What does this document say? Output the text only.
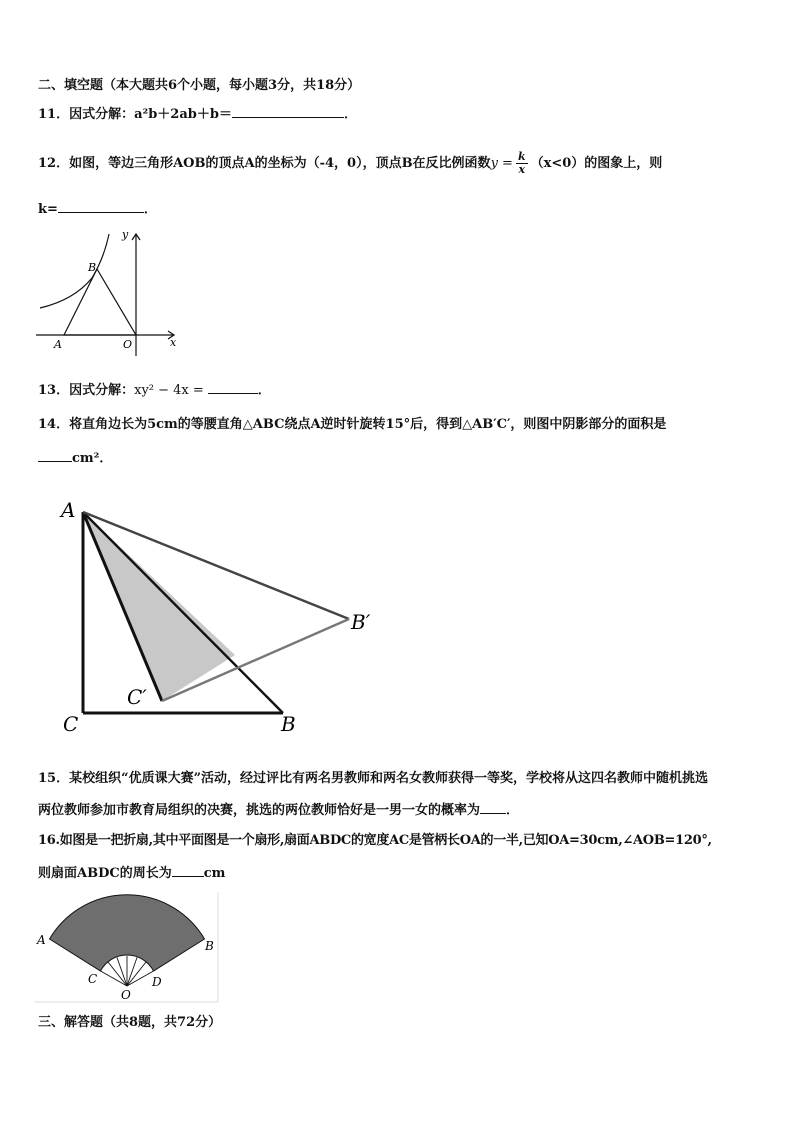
二、填空题（本大题共6个小题，每小题3分，共18分）
11．因式分解：a²b＋2ab＋b＝	．
12．如图，等边三角形AOB的顶点A的坐标为（-4，0），顶点B在反比例函数$y = \frac{k}{x} (x<0)$的图象上，则
k=	．
y
x
B
A	O
13．因式分解：xy² − 4x =	．
14．将直角边长为5cm的等腰直角△ABC绕点A逆时针旋转15°后，得到△AB′C′，则图中阴影部分的面积是
cm²．
A
B′
C′
C	B
15．某校组织“优质课大赛”活动，经过评比有两名男教师和两名女教师获得一等奖，学校将从这四名教师中随机挑选
两位教师参加市教育局组织的决赛，挑选的两位教师恰好是一男一女的概率为 ．
16.如图是一把折扇,其中平面图是一个扇形,扇面ABDC的宽度AC是管柄长OA的一半,已知OA=30cm,∠AOB=120°,
则扇面ABDC的周长为 cm
A	B
C	D
O
三、解答题（共8题，共72分）
